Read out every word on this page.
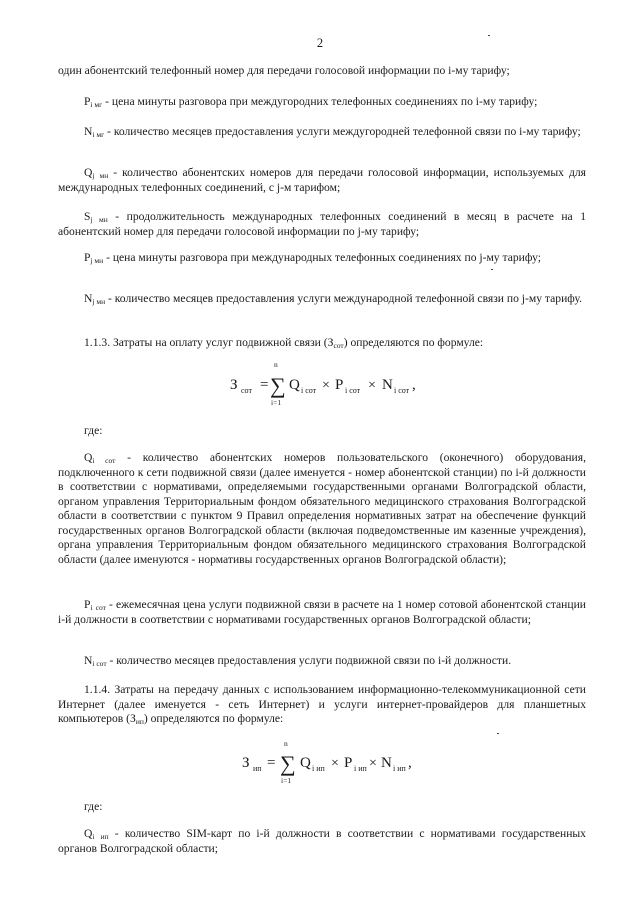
2

один абонентский телефонный номер для передачи голосовой информации по i-му тарифу;

$P_{i мг}$ - цена минуты разговора при междугородних телефонных соединениях по i-му тарифу;

$N_{i мг}$ - количество месяцев предоставления услуги междугородней телефонной связи по i-му тарифу;

$Q_j$ $_{мн}$ - количество абонентских номеров для передачи голосовой информации, используемых для международных телефонных соединений, с j-м тарифом;

$S_{j мн}$ - продолжительность международных телефонных соединений в месяц в расчете на 1 абонентский номер для передачи голосовой информации по j-му тарифу;

$P_{j мн}$ - цена минуты разговора при международных телефонных соединениях по j-му тарифу;

$N_{j мн}$ - количество месяцев предоставления услуги международной телефонной связи по j-му тарифу.

1.1.3. Затраты на оплату услуг подвижной связи $(З_{сот})$ определяются по формуле:

З сот =
n
∑
i=1
Q i сот × P i сот × N i сот ,

где:

$Q_{i сот}$ - количество абонентских номеров пользовательского (оконечного) оборудования, подключенного к сети подвижной связи (далее именуется - номер абонентской станции) по i-й должности в соответствии с нормативами, определяемыми государственными органами Волгоградской области, органом управления Территориальным фондом обязательного медицинского страхования Волгоградской области в соответствии с пунктом 9 Правил определения нормативных затрат на обеспечение функций государственных органов Волгоградской области (включая подведомственные им казенные учреждения), органа управления Территориальным фондом обязательного медицинского страхования Волгоградской области (далее именуются - нормативы государственных органов Волгоградской области);

$P_i$ $_{сот}$ - ежемесячная цена услуги подвижной связи в расчете на 1 номер сотовой абонентской станции i-й должности в соответствии с нормативами государственных органов Волгоградской области;

$N_{i сот}$ - количество месяцев предоставления услуги подвижной связи по i-й должности.

1.1.4. Затраты на передачу данных с использованием информационно-телекоммуникационной сети Интернет (далее именуется - сеть Интернет) и услуги интернет-провайдеров для планшетных компьютеров $(З_{ип})$ определяются по формуле:

З ип =
n
∑
i=1
Q i ип × P i ип × N i ип ,

где:

$Q_i$ $_{ип}$ - количество SIM-карт по i-й должности в соответствии с нормативами государственных органов Волгоградской области;
